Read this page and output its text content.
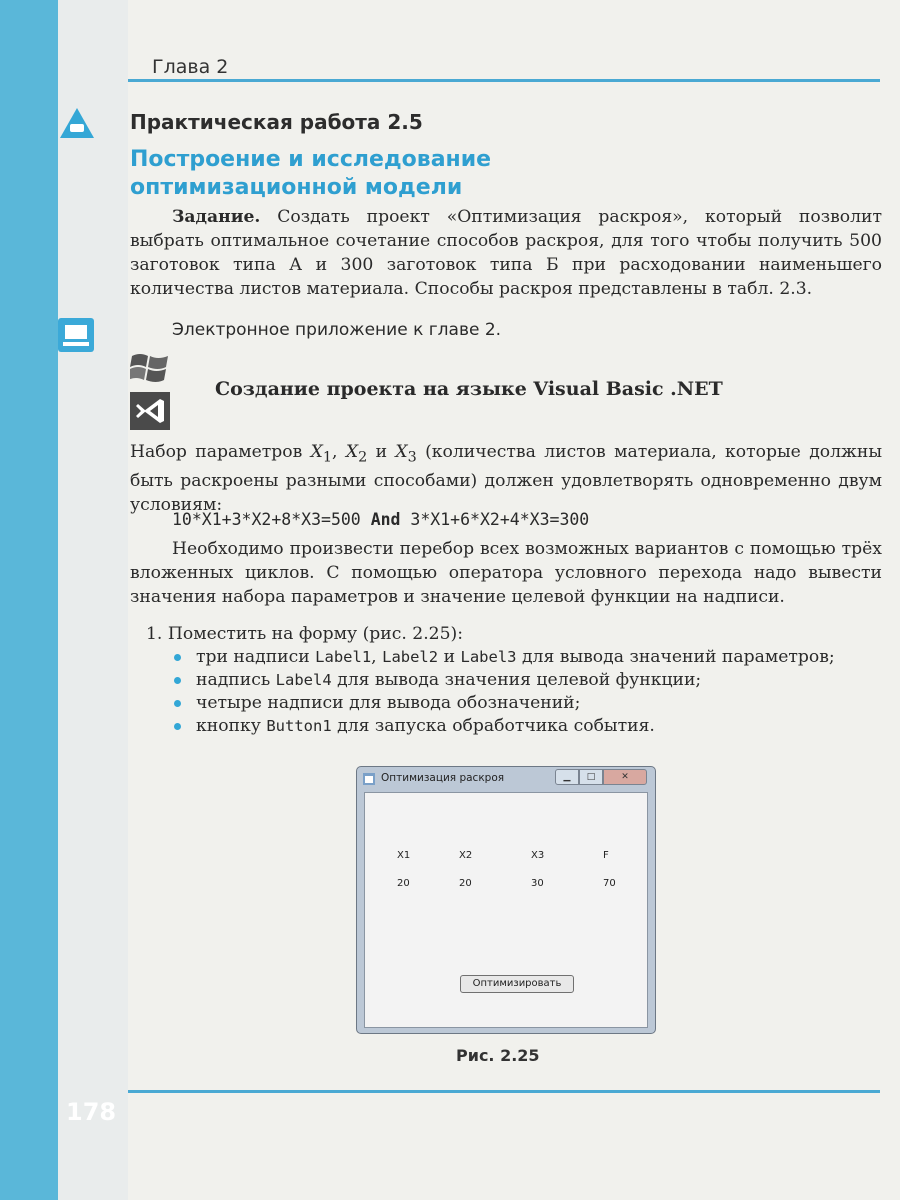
Глава 2
Практическая работа 2.5
Построение и исследование оптимизационной модели
Задание. Создать проект «Оптимизация раскроя», который позволит выбрать оптимальное сочетание способов раскроя, для того чтобы получить 500 заготовок типа А и 300 заготовок типа Б при расходовании наименьшего количества листов материала. Способы раскроя представлены в табл. 2.3.
Электронное приложение к главе 2.
Создание проекта на языке Visual Basic .NET
Набор параметров $X_1$, $X_2$ и $X_3$ (количества листов материала, которые должны быть раскроены разными способами) должен удовлетворять одновременно двум условиям:
10*X1+3*X2+8*X3=500 And 3*X1+6*X2+4*X3=300
Необходимо произвести перебор всех возможных вариантов с помощью трёх вложенных циклов. С помощью оператора условного перехода надо вывести значения набора параметров и значение целевой функции на надписи.
1. Поместить на форму (рис. 2.25):
три надписи Label1, Label2 и Label3 для вывода значений параметров;
надпись Label4 для вывода значения целевой функции;
четыре надписи для вывода обозначений;
кнопку Button1 для запуска обработчика события.
Оптимизация раскроя	▁	□	✕
X1	X2	X3	F
20	20	30	70
Оптимизировать
Рис. 2.25
178
